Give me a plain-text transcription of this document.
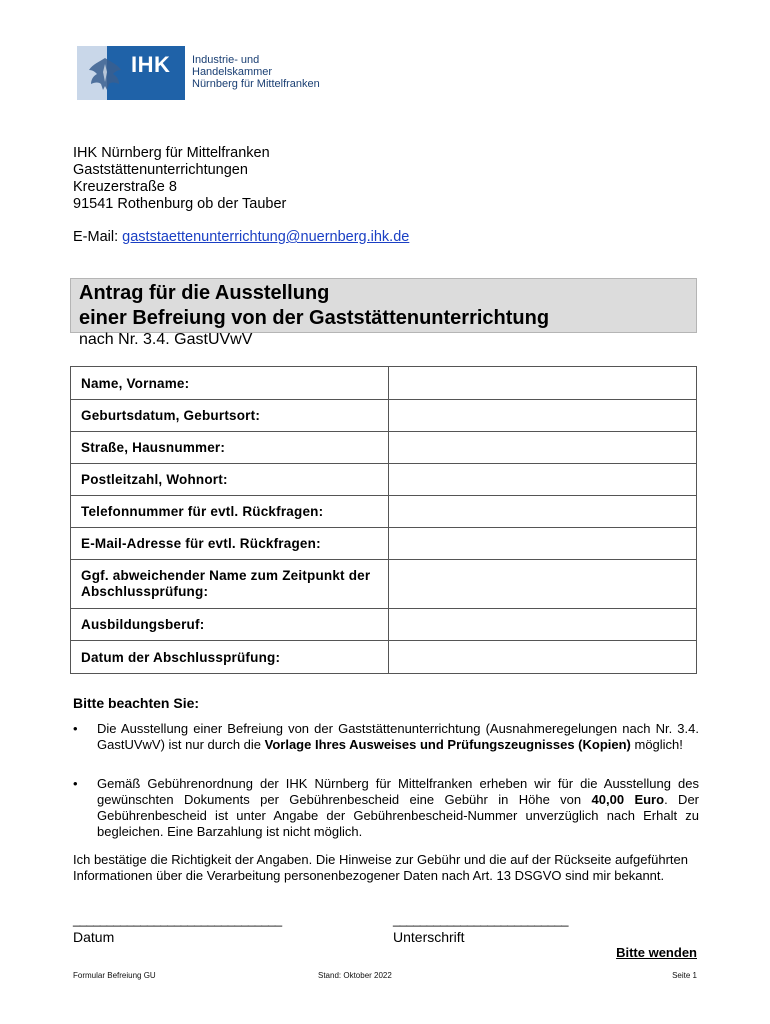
IHK Industrie- und Handelskammer
Nürnberg für Mittelfranken
IHK Nürnberg für Mittelfranken
Gaststättenunterrichtungen
Kreuzerstraße 8
91541 Rothenburg ob der Tauber
E-Mail: gaststaettenunterrichtung@nuernberg.ihk.de
Antrag für die Ausstellung
einer Befreiung von der Gaststättenunterrichtung
nach Nr. 3.4. GastUVwV
Name, Vorname:	
Geburtsdatum, Geburtsort:	
Straße, Hausnummer:	
Postleitzahl, Wohnort:	
Telefonnummer für evtl. Rückfragen:	
E-Mail-Adresse für evtl. Rückfragen:	
Ggf. abweichender Name zum Zeitpunkt der Abschlussprüfung:	
Ausbildungsberuf:	
Datum der Abschlussprüfung:	
Bitte beachten Sie:
• Die Ausstellung einer Befreiung von der Gaststättenunterrichtung (Ausnahmeregelungen nach Nr. 3.4. GastUVwV) ist nur durch die Vorlage Ihres Ausweises und Prüfungszeugnisses (Kopien) möglich!
• Gemäß Gebührenordnung der IHK Nürnberg für Mittelfranken erheben wir für die Ausstellung des gewünschten Dokuments per Gebührenbescheid eine Gebühr in Höhe von 40,00 Euro. Der Gebührenbescheid ist unter Angabe der Gebührenbescheid-Nummer unverzüglich nach Erhalt zu begleichen. Eine Barzahlung ist nicht möglich.
Ich bestätige die Richtigkeit der Angaben. Die Hinweise zur Gebühr und die auf der Rückseite aufgeführten Informationen über die Verarbeitung personenbezogener Daten nach Art. 13 DSGVO sind mir bekannt.
_______________________________	__________________________
Datum	Unterschrift
Bitte wenden
Formular Befreiung GU	Stand: Oktober 2022	Seite 1
